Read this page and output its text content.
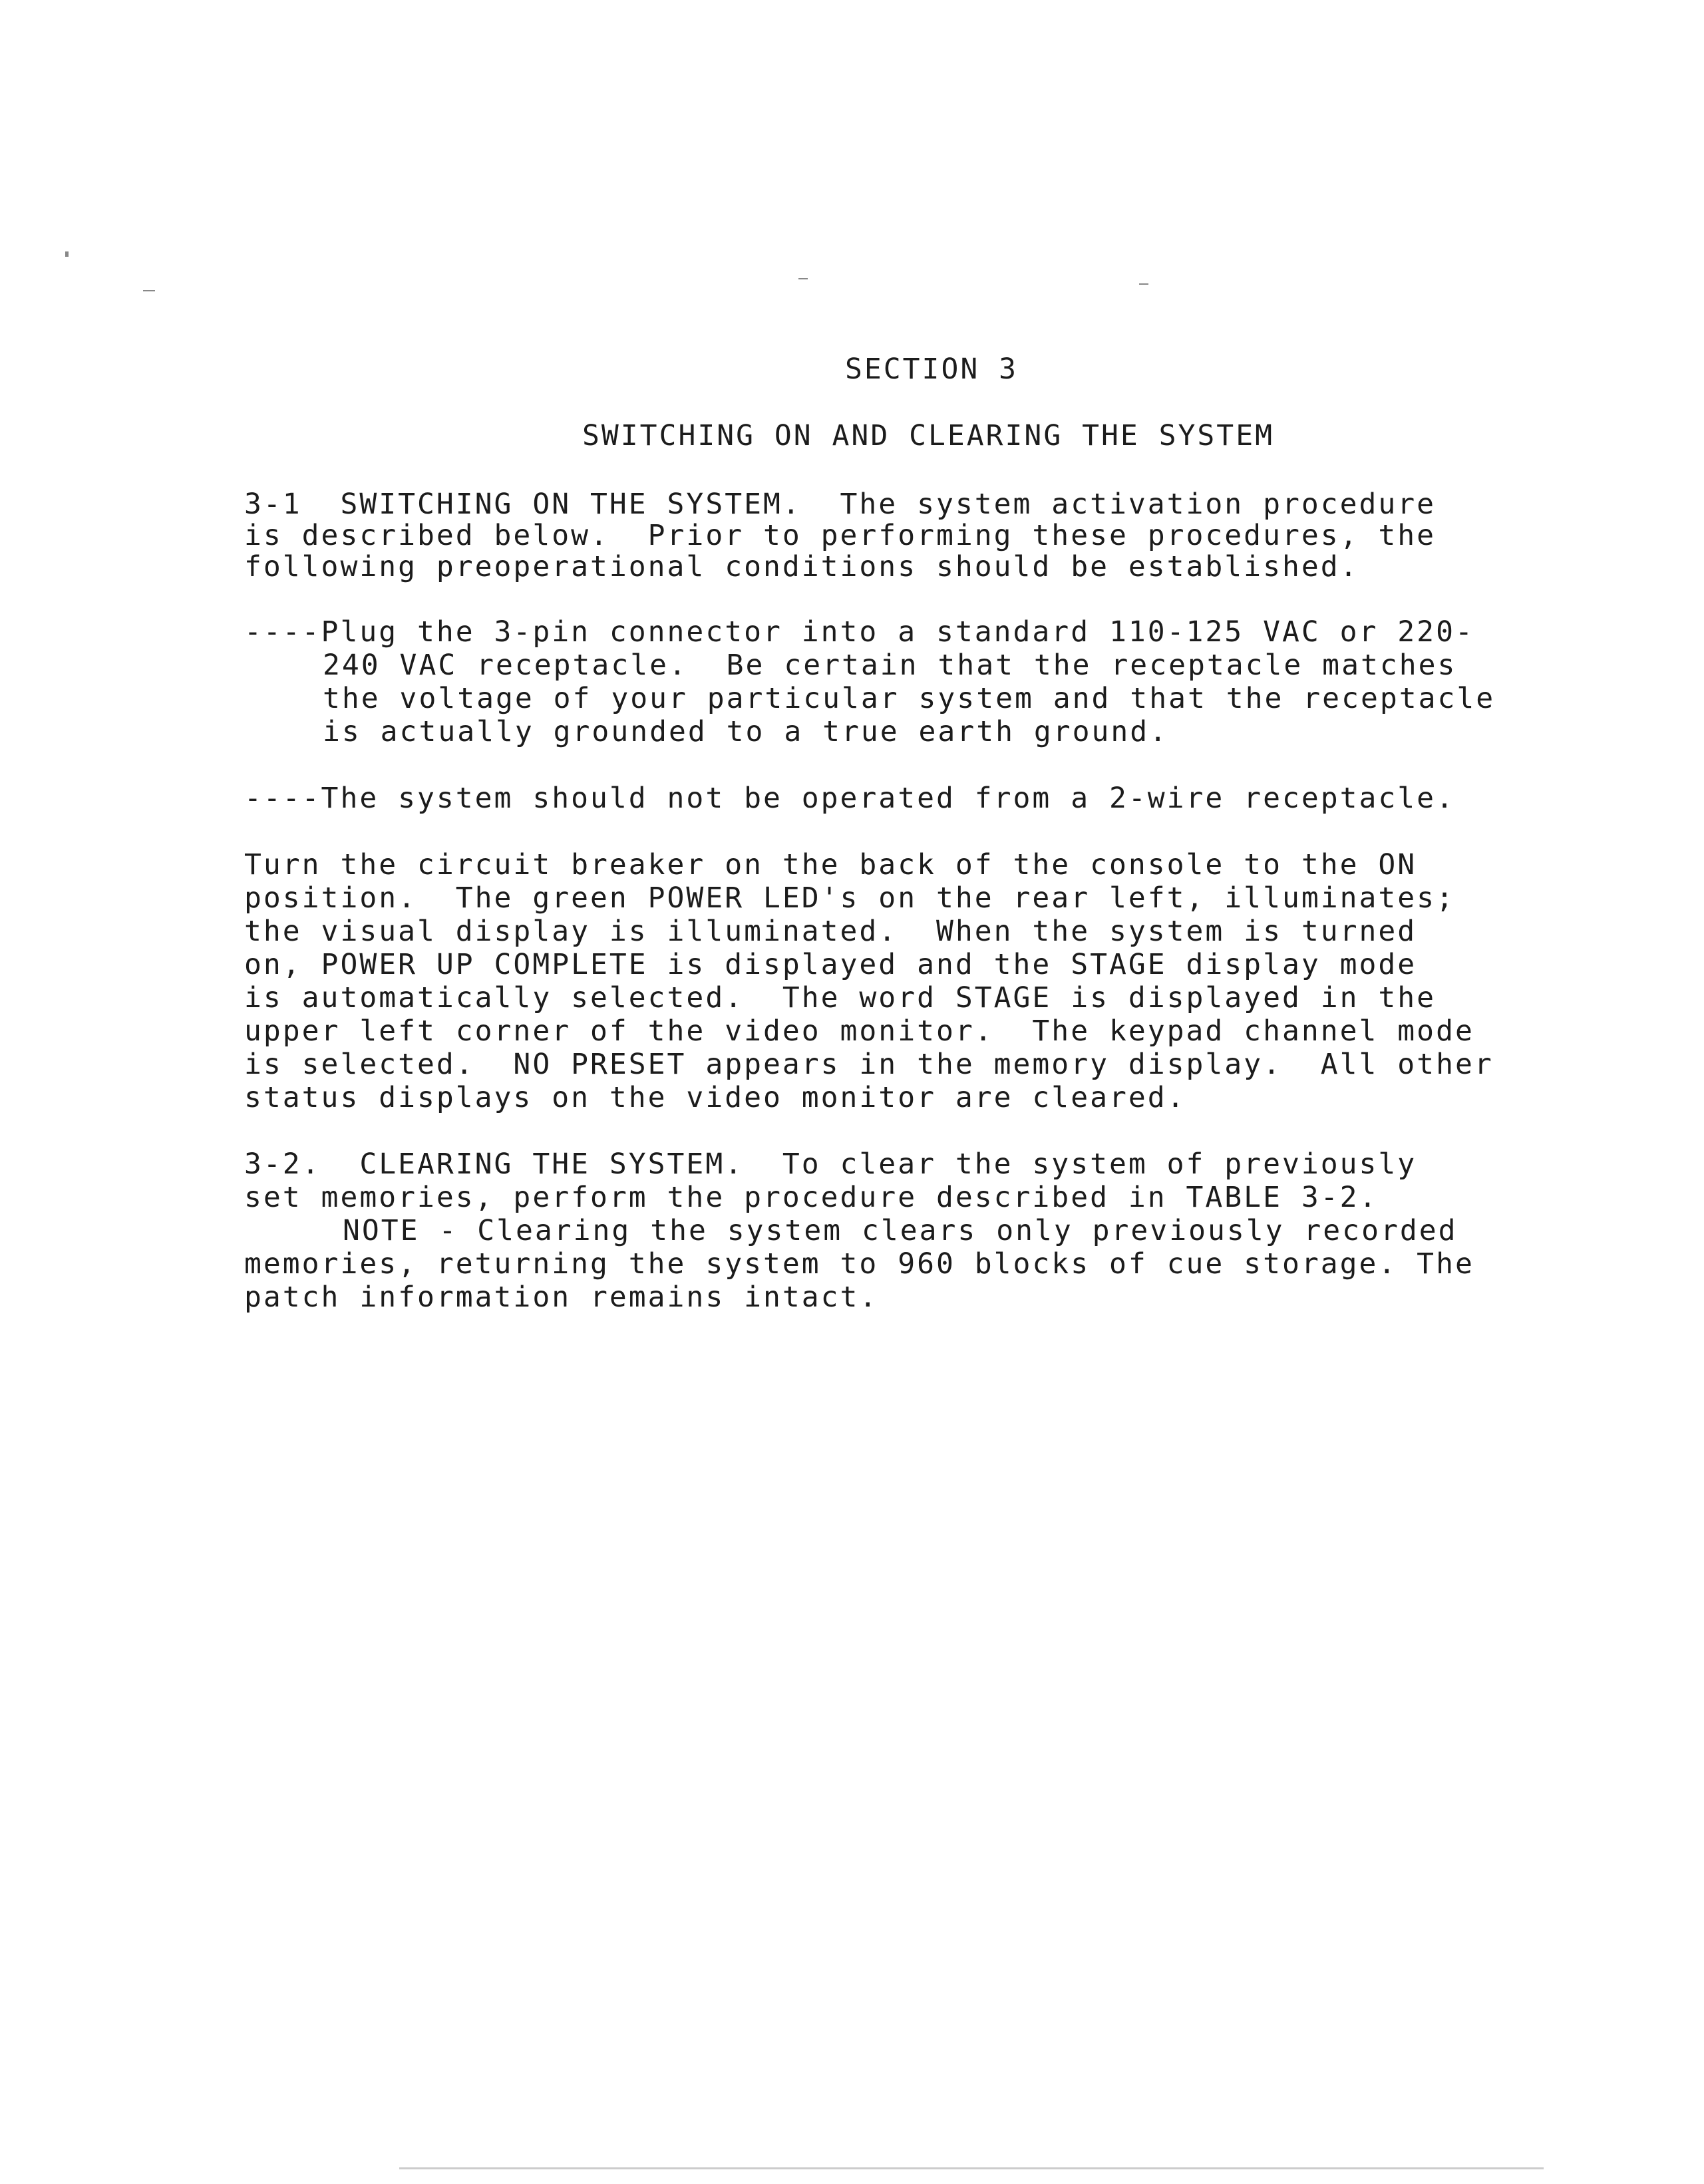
SECTION 3
SWITCHING ON AND CLEARING THE SYSTEM
3-1  SWITCHING ON THE SYSTEM.  The system activation procedure
is described below.  Prior to performing these procedures, the
following preoperational conditions should be established.
----Plug the 3-pin connector into a standard 110-125 VAC or 220-
240 VAC receptacle.  Be certain that the receptacle matches
the voltage of your particular system and that the receptacle
is actually grounded to a true earth ground.
----The system should not be operated from a 2-wire receptacle.
Turn the circuit breaker on the back of the console to the ON
position.  The green POWER LED's on the rear left, illuminates;
the visual display is illuminated.  When the system is turned
on, POWER UP COMPLETE is displayed and the STAGE display mode
is automatically selected.  The word STAGE is displayed in the
upper left corner of the video monitor.  The keypad channel mode
is selected.  NO PRESET appears in the memory display.  All other
status displays on the video monitor are cleared.
3-2.  CLEARING THE SYSTEM.  To clear the system of previously
set memories, perform the procedure described in TABLE 3-2.
NOTE - Clearing the system clears only previously recorded
memories, returning the system to 960 blocks of cue storage. The
patch information remains intact.
